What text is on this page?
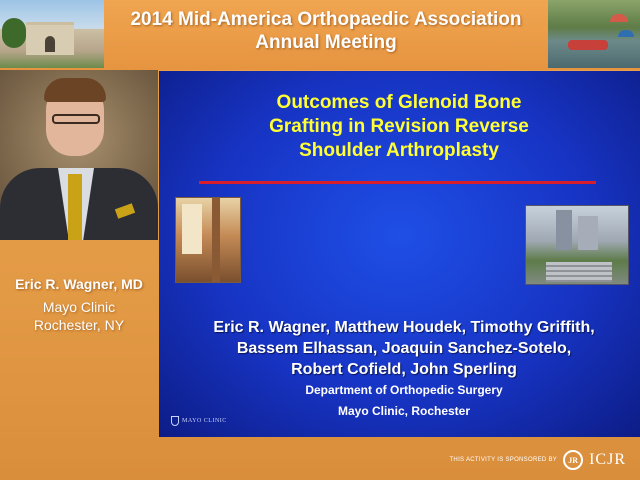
2014 Mid-America Orthopaedic Association
Annual Meeting
Eric R. Wagner, MD
Mayo Clinic
Rochester, NY
Outcomes of Glenoid Bone
Grafting in Revision Reverse
Shoulder Arthroplasty
Eric R. Wagner, Matthew Houdek, Timothy Griffith,
Bassem Elhassan, Joaquin Sanchez-Sotelo,
Robert Cofield, John Sperling
Department of Orthopedic Surgery
Mayo Clinic, Rochester
MAYO CLINIC
THIS ACTIVITY IS SPONSORED BY	JR ICJR
